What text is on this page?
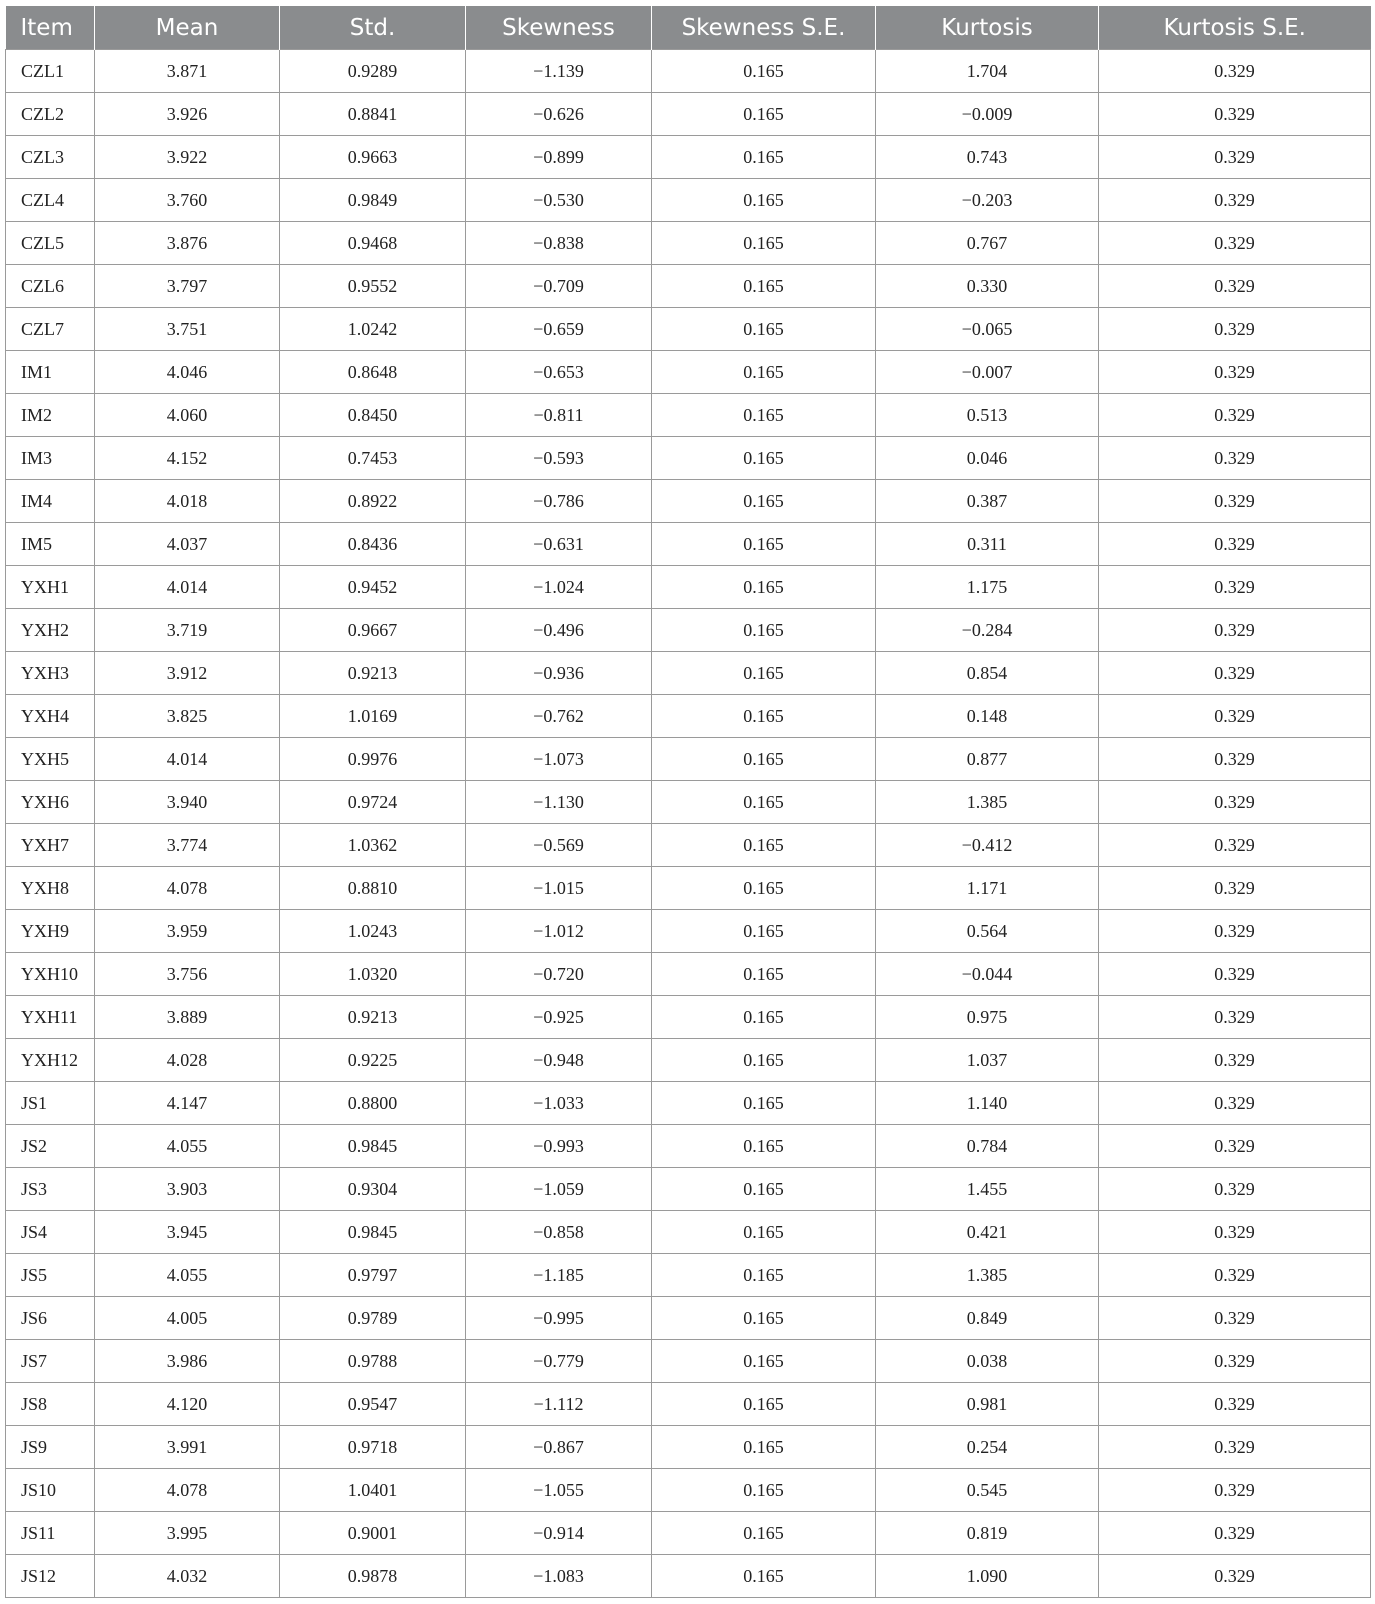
Item	Mean	Std.	Skewness	Skewness S.E.	Kurtosis	Kurtosis S.E.
CZL1	3.871	0.9289	−1.139	0.165	1.704	0.329
CZL2	3.926	0.8841	−0.626	0.165	−0.009	0.329
CZL3	3.922	0.9663	−0.899	0.165	0.743	0.329
CZL4	3.760	0.9849	−0.530	0.165	−0.203	0.329
CZL5	3.876	0.9468	−0.838	0.165	0.767	0.329
CZL6	3.797	0.9552	−0.709	0.165	0.330	0.329
CZL7	3.751	1.0242	−0.659	0.165	−0.065	0.329
IM1	4.046	0.8648	−0.653	0.165	−0.007	0.329
IM2	4.060	0.8450	−0.811	0.165	0.513	0.329
IM3	4.152	0.7453	−0.593	0.165	0.046	0.329
IM4	4.018	0.8922	−0.786	0.165	0.387	0.329
IM5	4.037	0.8436	−0.631	0.165	0.311	0.329
YXH1	4.014	0.9452	−1.024	0.165	1.175	0.329
YXH2	3.719	0.9667	−0.496	0.165	−0.284	0.329
YXH3	3.912	0.9213	−0.936	0.165	0.854	0.329
YXH4	3.825	1.0169	−0.762	0.165	0.148	0.329
YXH5	4.014	0.9976	−1.073	0.165	0.877	0.329
YXH6	3.940	0.9724	−1.130	0.165	1.385	0.329
YXH7	3.774	1.0362	−0.569	0.165	−0.412	0.329
YXH8	4.078	0.8810	−1.015	0.165	1.171	0.329
YXH9	3.959	1.0243	−1.012	0.165	0.564	0.329
YXH10	3.756	1.0320	−0.720	0.165	−0.044	0.329
YXH11	3.889	0.9213	−0.925	0.165	0.975	0.329
YXH12	4.028	0.9225	−0.948	0.165	1.037	0.329
JS1	4.147	0.8800	−1.033	0.165	1.140	0.329
JS2	4.055	0.9845	−0.993	0.165	0.784	0.329
JS3	3.903	0.9304	−1.059	0.165	1.455	0.329
JS4	3.945	0.9845	−0.858	0.165	0.421	0.329
JS5	4.055	0.9797	−1.185	0.165	1.385	0.329
JS6	4.005	0.9789	−0.995	0.165	0.849	0.329
JS7	3.986	0.9788	−0.779	0.165	0.038	0.329
JS8	4.120	0.9547	−1.112	0.165	0.981	0.329
JS9	3.991	0.9718	−0.867	0.165	0.254	0.329
JS10	4.078	1.0401	−1.055	0.165	0.545	0.329
JS11	3.995	0.9001	−0.914	0.165	0.819	0.329
JS12	4.032	0.9878	−1.083	0.165	1.090	0.329
